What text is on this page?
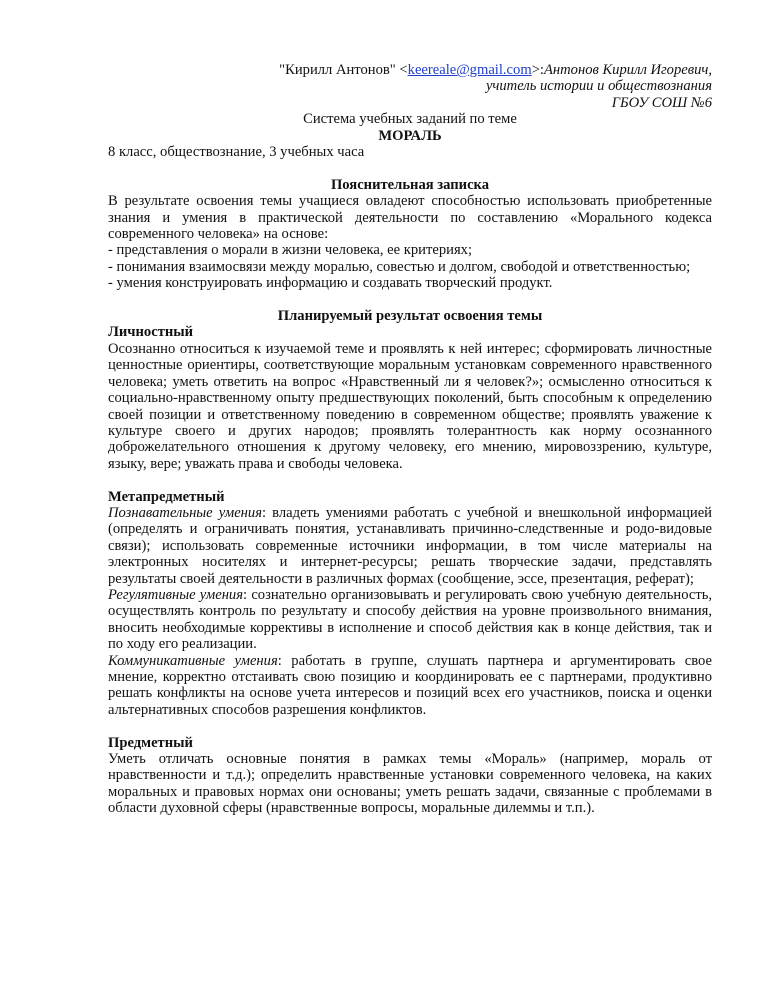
"Кирилл Антонов" <keereale@gmail.com>:Антонов Кирилл Игоревич,

учитель истории и обществознания

ГБОУ СОШ №6

Система учебных заданий по теме

МОРАЛЬ

8 класс, обществознание, 3 учебных часа

Пояснительная записка

В результате освоения темы учащиеся овладеют способностью использовать приобретенные знания и умения в практической деятельности по составлению «Морального кодекса современного человека» на основе:

- представления о морали в жизни человека, ее критериях;

- понимания взаимосвязи между моралью, совестью и долгом, свободой и ответственностью;

- умения конструировать информацию и создавать творческий продукт.

Планируемый результат освоения темы

Личностный

Осознанно относиться к изучаемой теме и проявлять к ней интерес; сформировать личностные ценностные ориентиры, соответствующие моральным установкам современного нравственного человека; уметь ответить на вопрос «Нравственный ли я человек?»; осмысленно относиться к социально-нравственному опыту предшествующих поколений, быть способным к определению своей позиции и ответственному поведению в современном обществе; проявлять уважение к культуре своего и других народов; проявлять толерантность как норму осознанного доброжелательного отношения к другому человеку, его мнению, мировоззрению, культуре, языку, вере; уважать права и свободы человека.

Метапредметный

Познавательные умения: владеть умениями работать с учебной и внешкольной информацией (определять и ограничивать понятия, устанавливать причинно-следственные и родо-видовые связи); использовать современные источники информации, в том числе материалы на электронных носителях и интернет-ресурсы; решать творческие задачи, представлять результаты своей деятельности в различных формах (сообщение, эссе, презентация, реферат);

Регулятивные умения: сознательно организовывать и регулировать свою учебную деятельность, осуществлять контроль по результату и способу действия на уровне произвольного внимания, вносить необходимые коррективы в исполнение и способ действия как в конце действия, так и по ходу его реализации.

Коммуникативные умения: работать в группе, слушать партнера и аргументировать свое мнение, корректно отстаивать свою позицию и координировать ее с партнерами, продуктивно решать конфликты на основе учета интересов и позиций всех его участников, поиска и оценки альтернативных способов разрешения конфликтов.

Предметный

Уметь отличать основные понятия в рамках темы «Мораль» (например, мораль от нравственности и т.д.); определить нравственные установки современного человека, на каких моральных и правовых нормах они основаны; уметь решать задачи, связанные с проблемами в области духовной сферы (нравственные вопросы, моральные дилеммы и т.п.).
